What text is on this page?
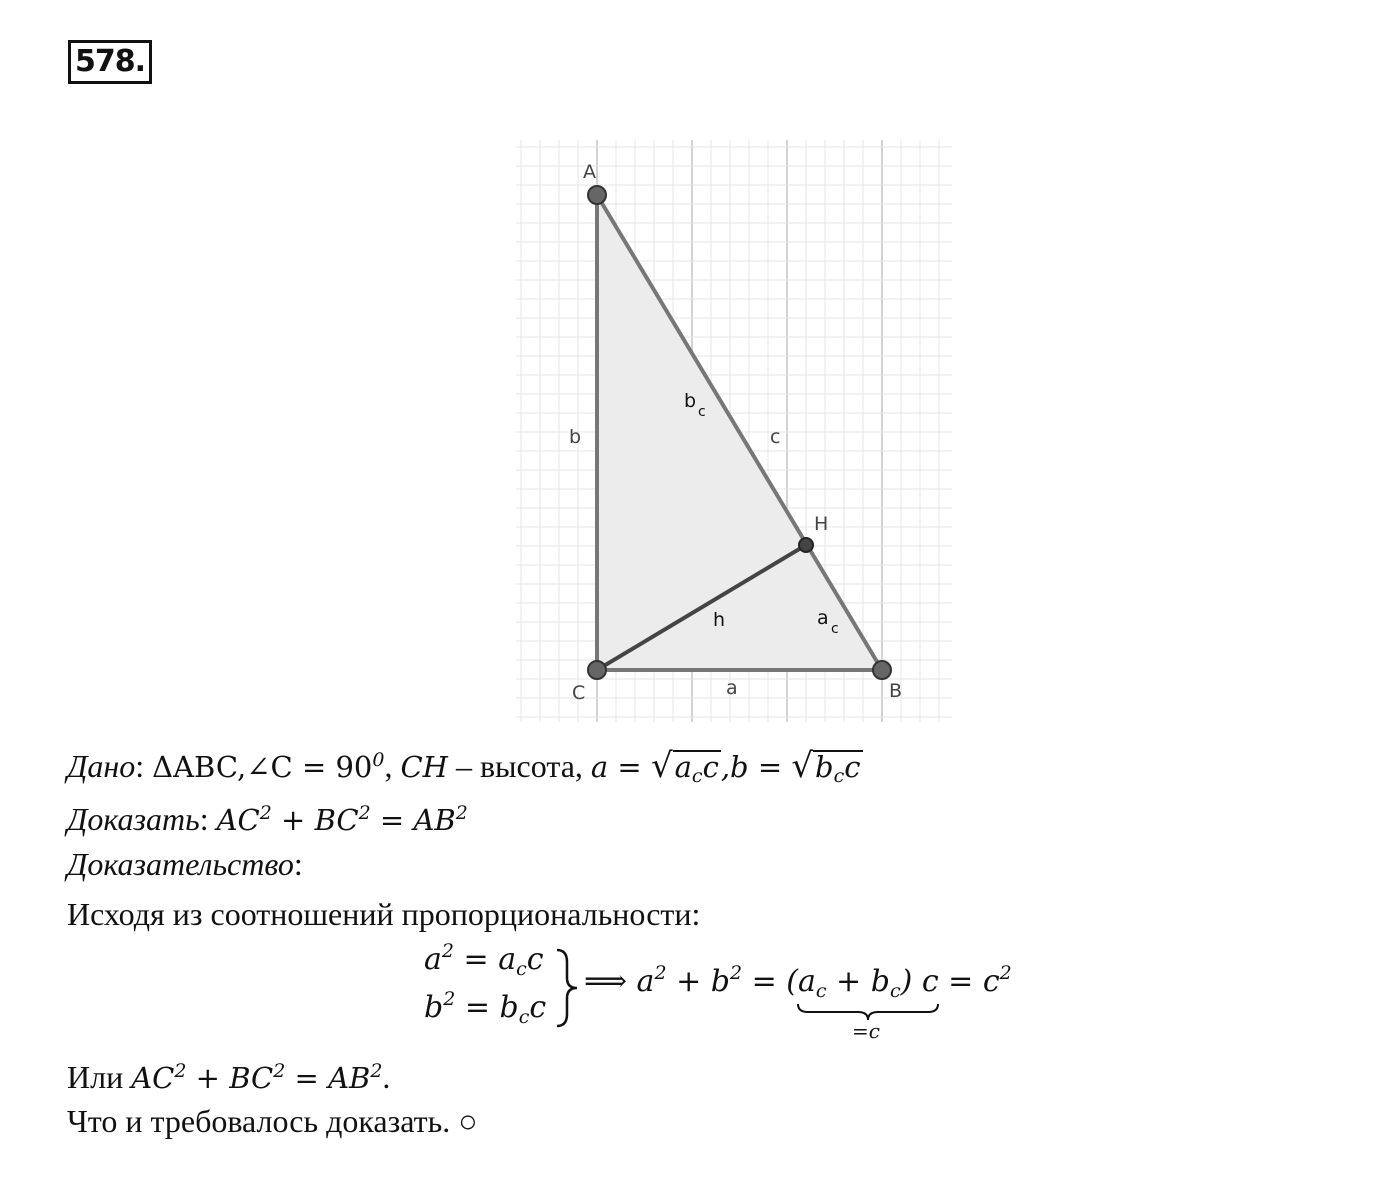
578.
A
B
C
H
b	c
a
h
b c
a c
Дано: ΔABC,∠C = $90^0$, CH – высота, $a = √a_cc,b = √b_cc$
Доказать: $AC^2 + BC^2 = AB^2$
Доказательство:
Исходя из соотношений пропорциональности:
$a^2 = a_cc$
$b^2 = b_cc$
⟹ $a^2 + b^2 = (a_c + b_c) c = c^2$
=c
Или $AC^2 + BC^2 = AB^2$.
Что и требовалось доказать. ○
